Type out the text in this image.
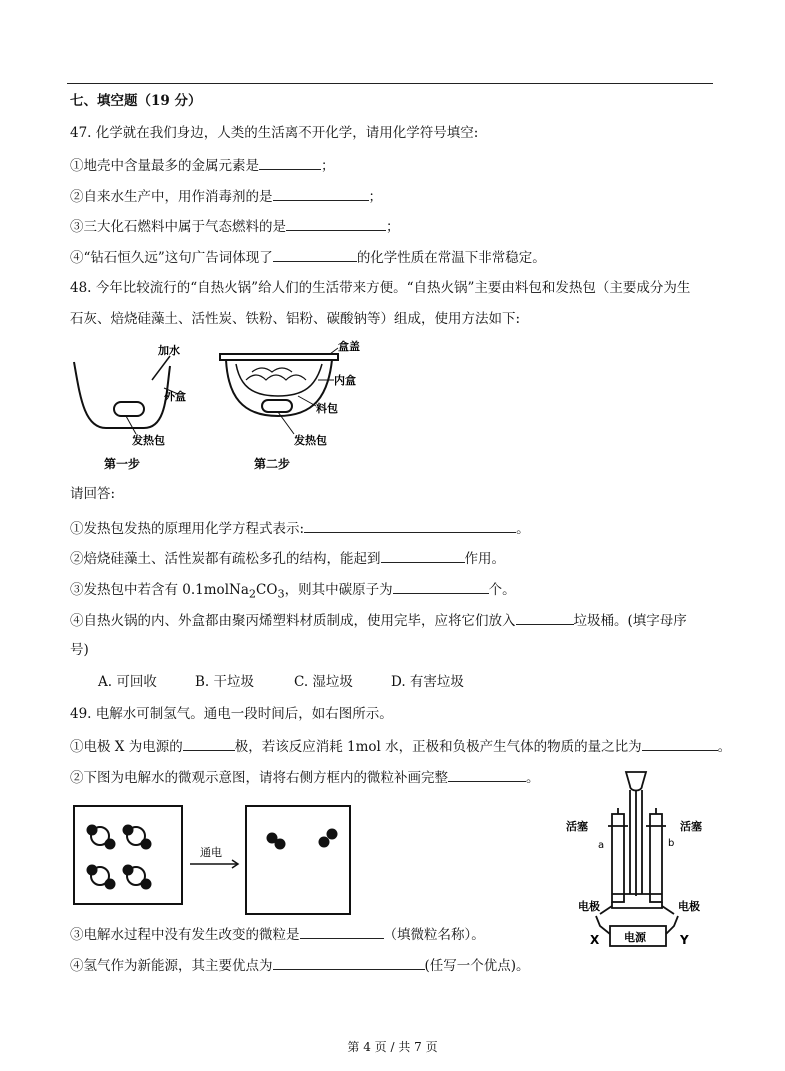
七、填空题（19 分）
47. 化学就在我们身边，人类的生活离不开化学，请用化学符号填空:
①地壳中含量最多的金属元素是	；
②自来水生产中，用作消毒剂的是	；
③三大化石燃料中属于气态燃料的是	；
④“钻石恒久远”这句广告词体现了	的化学性质在常温下非常稳定。
48. 今年比较流行的“自热火锅”给人们的生活带来方便。“自热火锅”主要由料包和发热包（主要成分为生
石灰、焙烧硅藻土、活性炭、铁粉、铝粉、碳酸钠等）组成，使用方法如下:
加水
外盒
发热包
第一步
盒盖
内盒
料包
发热包
第二步
请回答:
①发热包发热的原理用化学方程式表示:	。
②焙烧硅藻土、活性炭都有疏松多孔的结构，能起到	作用。
③发热包中若含有 $0.1molNa_2CO_3$，则其中碳原子为	个。
④自热火锅的内、外盒都由聚丙烯塑料材质制成，使用完毕，应将它们放入	垃圾桶。(填字母序
号)
A. 可回收	B. 干垃圾	C. 湿垃圾	D. 有害垃圾
49. 电解水可制氢气。通电一段时间后，如右图所示。
①电极 X 为电源的	极，若该反应消耗 1mol 水，正极和负极产生气体的物质的量之比为	。
②下图为电解水的微观示意图，请将右侧方框内的微粒补画完整	。
通电
活塞	活塞
a	b
电极	电极
电源
X	Y
③电解水过程中没有发生改变的微粒是	（填微粒名称）。
④氢气作为新能源，其主要优点为	(任写一个优点)。
第 4 页 / 共 7 页
